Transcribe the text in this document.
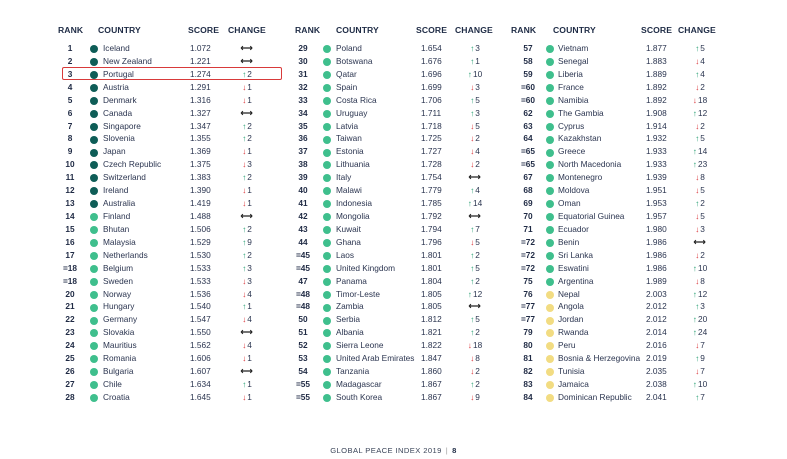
RANK COUNTRY	SCORE CHANGE
1	Iceland	1.072	⟷
2	New Zealand	1.221	⟷
3	Portugal	1.274	↑2
4	Austria	1.291	↓1
5	Denmark	1.316	↓1
6	Canada	1.327	⟷
7	Singapore	1.347	↑2
8	Slovenia	1.355	↑2
9	Japan	1.369	↓1
10	Czech Republic	1.375	↓3
11	Switzerland	1.383	↑2
12	Ireland	1.390	↓1
13	Australia	1.419	↓1
14	Finland	1.488	⟷
15	Bhutan	1.506	↑2
16	Malaysia	1.529	↑9
17	Netherlands	1.530	↑2
=18	Belgium	1.533	↑3
=18	Sweden	1.533	↓3
20	Norway	1.536	↓4
21	Hungary	1.540	↑1
22	Germany	1.547	↓4
23	Slovakia	1.550	⟷
24	Mauritius	1.562	↓4
25	Romania	1.606	↓1
26	Bulgaria	1.607	⟷
27	Chile	1.634	↑1
28	Croatia	1.645	↓1
RANK COUNTRY	SCORE CHANGE
29	Poland	1.654	↑3
30	Botswana	1.676	↑1
31	Qatar	1.696	↑10
32	Spain	1.699	↓3
33	Costa Rica	1.706	↑5
34	Uruguay	1.711	↑3
35	Latvia	1.718	↓5
36	Taiwan	1.725	↓2
37	Estonia	1.727	↓4
38	Lithuania	1.728	↓2
39	Italy	1.754	⟷
40	Malawi	1.779	↑4
41	Indonesia	1.785	↑14
42	Mongolia	1.792	⟷
43	Kuwait	1.794	↑7
44	Ghana	1.796	↓5
=45	Laos	1.801	↑2
=45	United Kingdom	1.801	↑5
47	Panama	1.804	↑2
=48	Timor-Leste	1.805	↑12
=48	Zambia	1.805	⟷
50	Serbia	1.812	↑5
51	Albania	1.821	↑2
52	Sierra Leone	1.822	↓18
53	United Arab Emirates 1.847	↓8
54	Tanzania	1.860	↓2
=55	Madagascar	1.867	↑2
=55	South Korea	1.867	↓9
RANK COUNTRY	SCORE CHANGE
57	Vietnam	1.877	↑5
58	Senegal	1.883	↓4
59	Liberia	1.889	↑4
=60	France	1.892	↓2
=60	Namibia	1.892	↓18
62	The Gambia	1.908	↑12
63	Cyprus	1.914	↓2
64	Kazakhstan	1.932	↑5
=65	Greece	1.933	↑14
=65	North Macedonia	1.933	↑23
67	Montenegro	1.939	↓8
68	Moldova	1.951	↓5
69	Oman	1.953	↑2
70	Equatorial Guinea	1.957	↓5
71	Ecuador	1.980	↓3
=72	Benin	1.986	⟷
=72	Sri Lanka	1.986	↓2
=72	Eswatini	1.986	↑10
75	Argentina	1.989	↓8
76	Nepal	2.003	↑12
=77	Angola	2.012	↑3
=77	Jordan	2.012	↑20
79	Rwanda	2.014	↑24
80	Peru	2.016	↓7
81	Bosnia & Herzegovina 2.019	↑9
82	Tunisia	2.035	↓7
83	Jamaica	2.038	↑10
84	Dominican Republic 2.041	↑7
GLOBAL PEACE INDEX 2019 | 8
